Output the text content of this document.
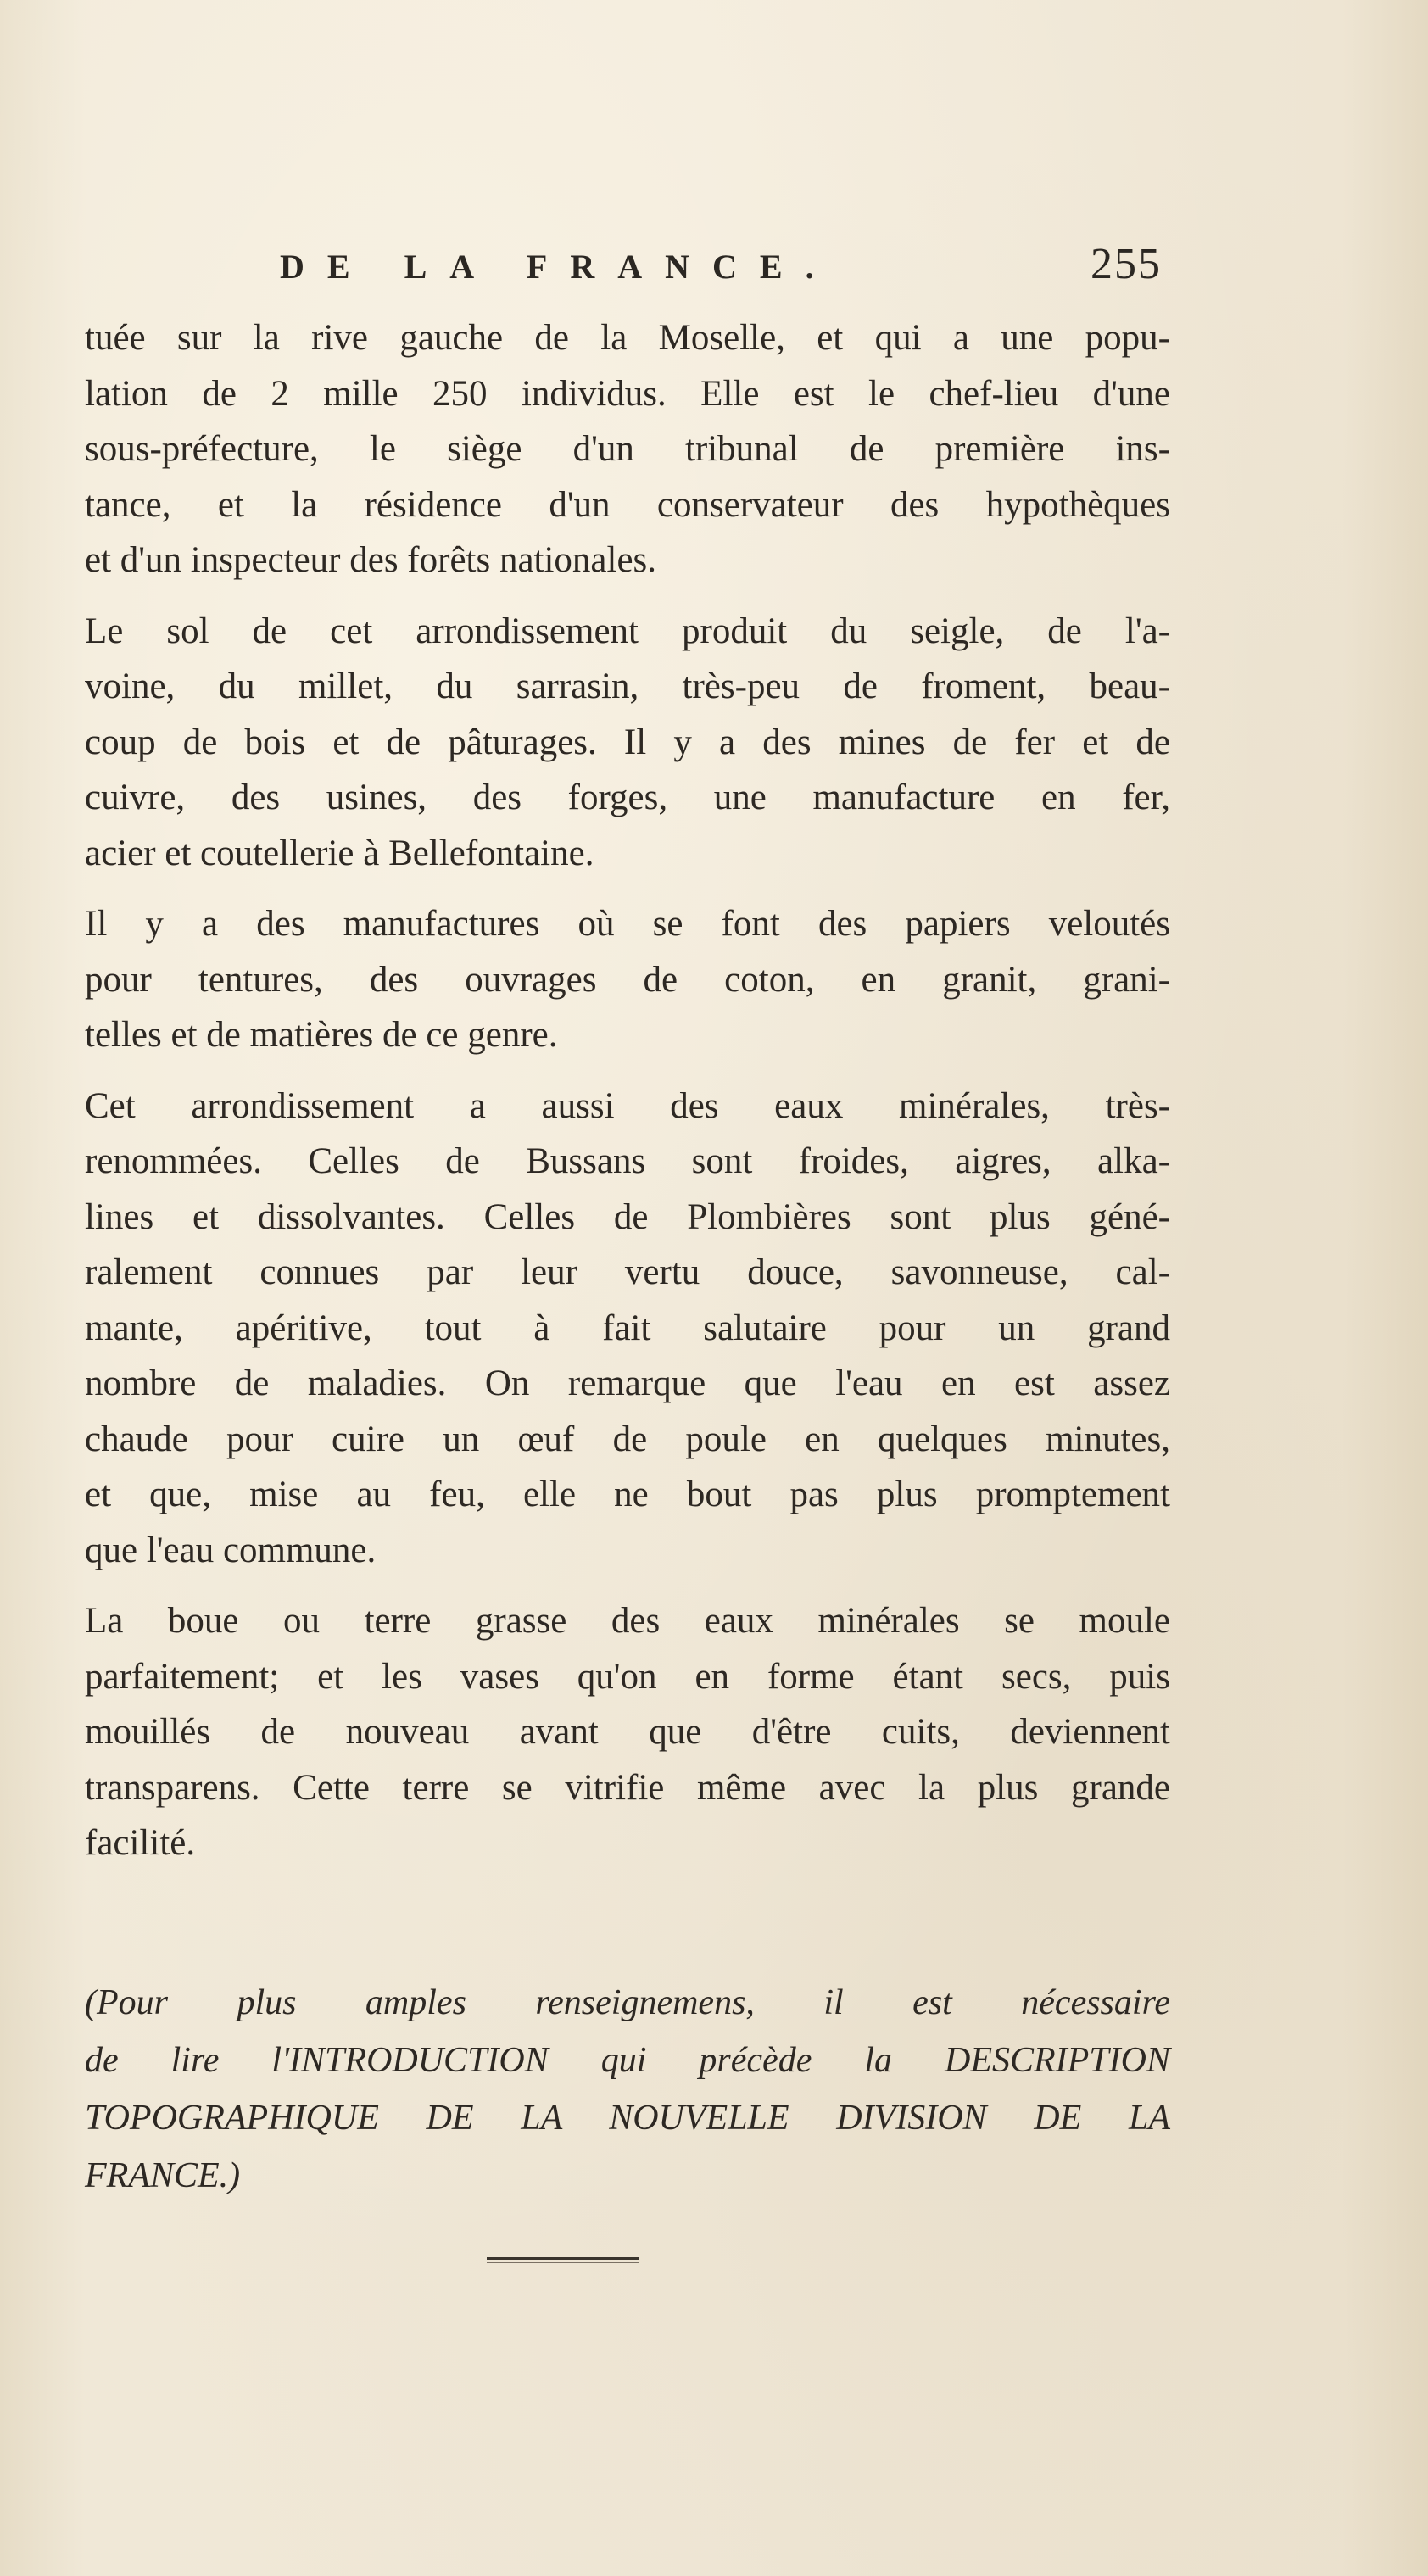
DE LA FRANCE.	255
tuée sur la rive gauche de la Moselle, et qui a une popu-
lation de 2 mille 250 individus. Elle est le chef-lieu d'une
sous-préfecture, le siège d'un tribunal de première ins-
tance, et la résidence d'un conservateur des hypothèques
et d'un inspecteur des forêts nationales.
Le sol de cet arrondissement produit du seigle, de l'a-
voine, du millet, du sarrasin, très-peu de froment, beau-
coup de bois et de pâturages. Il y a des mines de fer et de
cuivre, des usines, des forges, une manufacture en fer,
acier et coutellerie à Bellefontaine.
Il y a des manufactures où se font des papiers veloutés
pour tentures, des ouvrages de coton, en granit, grani-
telles et de matières de ce genre.
Cet arrondissement a aussi des eaux minérales, très-
renommées. Celles de Bussans sont froides, aigres, alka-
lines et dissolvantes. Celles de Plombières sont plus géné-
ralement connues par leur vertu douce, savonneuse, cal-
mante, apéritive, tout à fait salutaire pour un grand
nombre de maladies. On remarque que l'eau en est assez
chaude pour cuire un œuf de poule en quelques minutes,
et que, mise au feu, elle ne bout pas plus promptement
que l'eau commune.
La boue ou terre grasse des eaux minérales se moule
parfaitement; et les vases qu'on en forme étant secs, puis
mouillés de nouveau avant que d'être cuits, deviennent
transparens. Cette terre se vitrifie même avec la plus grande
facilité.
(Pour plus amples renseignemens, il est nécessaire
de lire l'INTRODUCTION qui précède la DESCRIPTION
TOPOGRAPHIQUE DE LA NOUVELLE DIVISION DE LA
FRANCE.)
